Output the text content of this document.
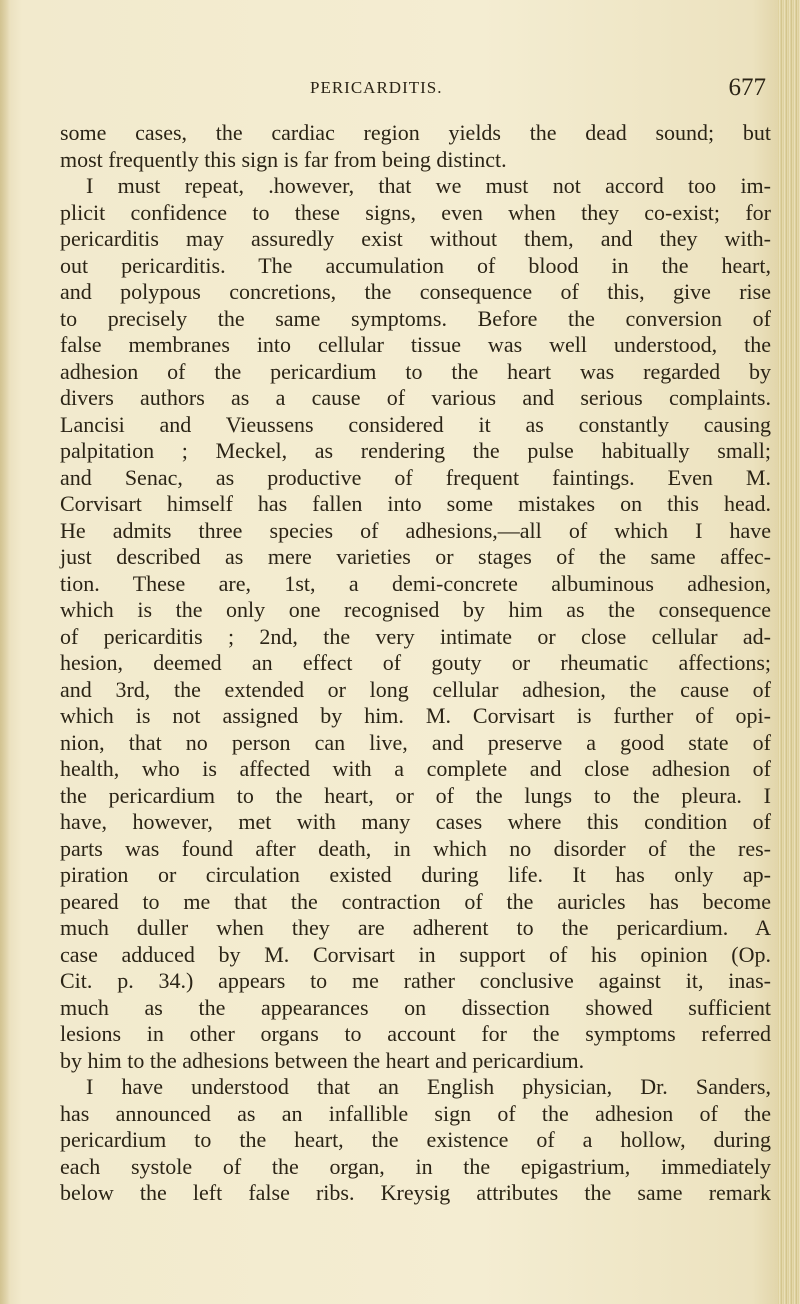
PERICARDITIS.	677
some cases, the cardiac region yields the dead sound; but
most frequently this sign is far from being distinct.
I must repeat, .however, that we must not accord too im-
plicit confidence to these signs, even when they co-exist; for
pericarditis may assuredly exist without them, and they with-
out pericarditis. The accumulation of blood in the heart,
and polypous concretions, the consequence of this, give rise
to precisely the same symptoms. Before the conversion of
false membranes into cellular tissue was well understood, the
adhesion of the pericardium to the heart was regarded by
divers authors as a cause of various and serious complaints.
Lancisi and Vieussens considered it as constantly causing
palpitation ; Meckel, as rendering the pulse habitually small;
and Senac, as productive of frequent faintings. Even M.
Corvisart himself has fallen into some mistakes on this head.
He admits three species of adhesions,—all of which I have
just described as mere varieties or stages of the same affec-
tion. These are, 1st, a demi-concrete albuminous adhesion,
which is the only one recognised by him as the consequence
of pericarditis ; 2nd, the very intimate or close cellular ad-
hesion, deemed an effect of gouty or rheumatic affections;
and 3rd, the extended or long cellular adhesion, the cause of
which is not assigned by him. M. Corvisart is further of opi-
nion, that no person can live, and preserve a good state of
health, who is affected with a complete and close adhesion of
the pericardium to the heart, or of the lungs to the pleura. I
have, however, met with many cases where this condition of
parts was found after death, in which no disorder of the res-
piration or circulation existed during life. It has only ap-
peared to me that the contraction of the auricles has become
much duller when they are adherent to the pericardium. A
case adduced by M. Corvisart in support of his opinion (Op.
Cit. p. 34.) appears to me rather conclusive against it, inas-
much as the appearances on dissection showed sufficient
lesions in other organs to account for the symptoms referred
by him to the adhesions between the heart and pericardium.
I have understood that an English physician, Dr. Sanders,
has announced as an infallible sign of the adhesion of the
pericardium to the heart, the existence of a hollow, during
each systole of the organ, in the epigastrium, immediately
below the left false ribs. Kreysig attributes the same remark
